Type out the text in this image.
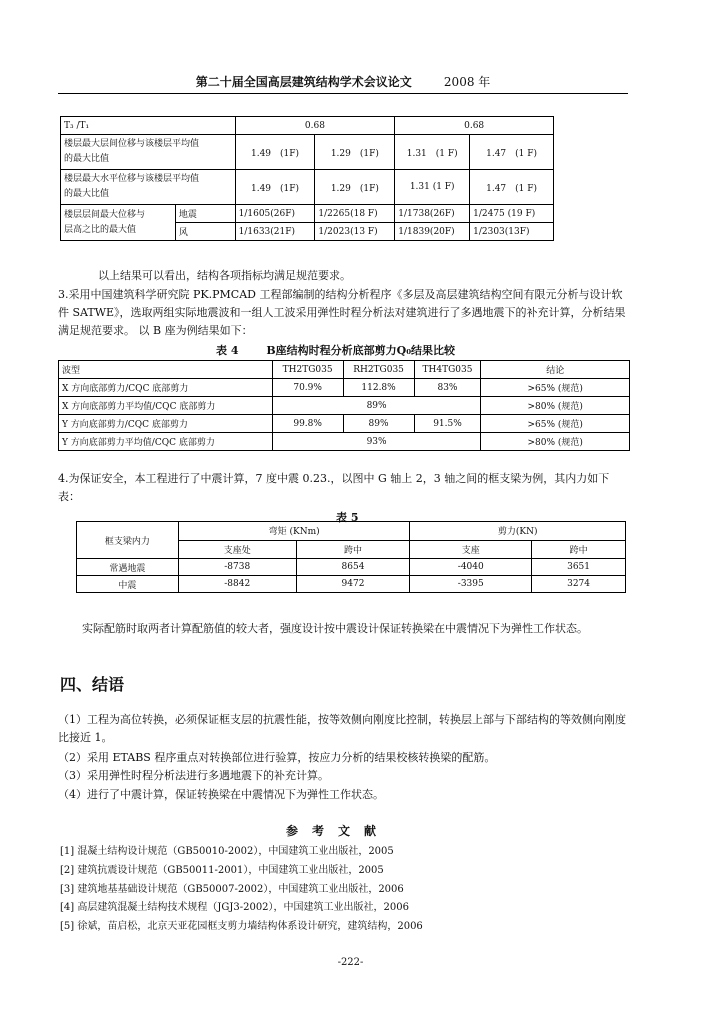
第二十届全国高层建筑结构学术会议论文	2008 年
T₃ /T₁		0.68		0.68	
楼层最大层间位移与该楼层平均值
的最大比值		1.49　(1F)	1.29　(1F)	1.31　(1 F)	1.47　(1 F)
楼层最大水平位移与该楼层平均值
的最大比值		1.49　(1F)	1.29　(1F)	1.31 (1 F)	1.47　(1 F)
楼层层间最大位移与
层高之比的最大值	地震	1/1605(26F)	1/2265(18 F)	1/1738(26F)	1/2475 (19 F)
	风	1/1633(21F)	1/2023(13 F)	1/1839(20F)	1/2303(13F)

以上结果可以看出，结构各项指标均满足规范要求。

3.采用中国建筑科学研究院 PK.PMCAD 工程部编制的结构分析程序《多层及高层建筑结构空间有限元分析与设计软件 SATWE》，选取两组实际地震波和一组人工波采用弹性时程分析法对建筑进行了多遇地震下的补充计算，分析结果满足规范要求。 以 B 座为例结果如下：

表 4	B座结构时程分析底部剪力Q₀结果比较

波型	TH2TG035	RH2TG035	TH4TG035	结论
X 方向底部剪力/CQC 底部剪力	70.9%	112.8%	83%	>65% (规范)
X 方向底部剪力平均值/CQC 底部剪力	89%			>80% (规范)
Y 方向底部剪力/CQC 底部剪力	99.8%	89%	91.5%	>65% (规范)
Y 方向底部剪力平均值/CQC 底部剪力	93%			>80% (规范)

4.为保证安全，本工程进行了中震计算，7 度中震 0.23.，以图中 G 轴上 2，3 轴之间的框支梁为例，其内力如下表：

表 5

框支梁内力	弯矩 (KNm)		剪力(KN)	
	支座处	跨中	支座	跨中
常遇地震	-8738	8654	-4040	3651
中震	-8842	9472	-3395	3274

实际配筋时取两者计算配筋值的较大者，强度设计按中震设计保证转换梁在中震情况下为弹性工作状态。

四、结语

（1）工程为高位转换，必须保证框支层的抗震性能，按等效侧向刚度比控制，转换层上部与下部结构的等效侧向刚度比接近 1。

（2）采用 ETABS 程序重点对转换部位进行验算，按应力分析的结果校核转换梁的配筋。

（3）采用弹性时程分析法进行多遇地震下的补充计算。

（4）进行了中震计算，保证转换梁在中震情况下为弹性工作状态。

参考文献

[1] 混凝土结构设计规范（GB50010-2002），中国建筑工业出版社，2005

[2] 建筑抗震设计规范（GB50011-2001），中国建筑工业出版社，2005

[3] 建筑地基基础设计规范（GB50007-2002），中国建筑工业出版社，2006

[4] 高层建筑混凝土结构技术规程（JGJ3-2002），中国建筑工业出版社，2006

[5] 徐斌，苗启松，北京天亚花园框支剪力墙结构体系设计研究，建筑结构，2006

-222-
